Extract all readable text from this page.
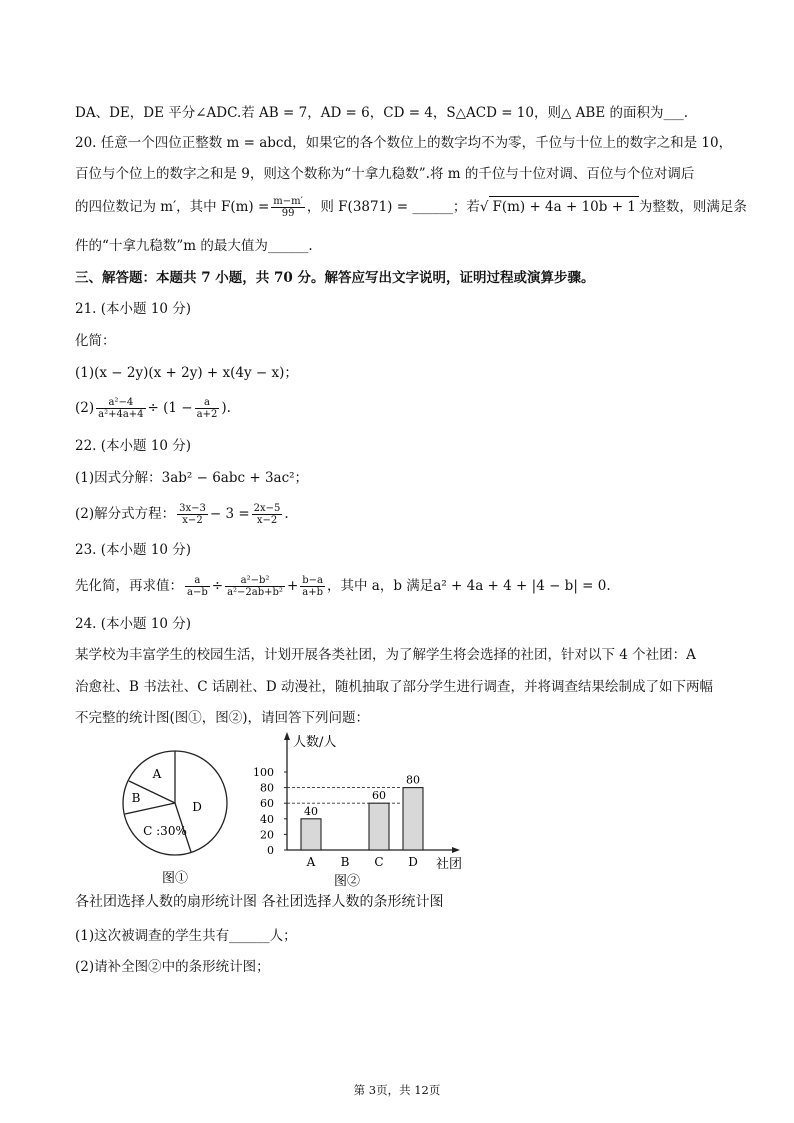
DA、DE，DE 平分∠ADC.若 AB = 7，AD = 6，CD = 4，S△ACD = 10，则△ ABE 的面积为___.
20. 任意一个四位正整数 m = abcd，如果它的各个数位上的数字均不为零，千位与十位上的数字之和是 10，
百位与个位上的数字之和是 9，则这个数称为“十拿九稳数”.将 m 的千位与十位对调、百位与个位对调后
的四位数记为 m′，其中 $F(m) = \frac{m-m'}{99}$ ，则 F(3871) = ______；若√ F(m) + 4a + 10b + 1 为整数，则满足条
件的“十拿九稳数”m 的最大值为______.
三、解答题：本题共 7 小题，共 70 分。解答应写出文字说明，证明过程或演算步骤。
21. (本小题 10 分)
化简：
(1)(x − 2y)(x + 2y) + x(4y − x)；
$(2) \frac{\text{a²−4}}{\text{a²+4a+4}} \div (1 - \frac{a}{a+2}$ ).
22. (本小题 10 分)
(1)因式分解：3ab² − 6abc + 3ac²；
(2)解分式方程： $\frac{3x-3}{x-2} - 3 = \frac{2x-5}{x-2}$ .
23. (本小题 10 分)
先化简，再求值： $\frac{a}{a-b} \div \frac{\text{a²−b²}}{\text{a²−2ab+b²}} + \frac{b-a}{a+b}$ ，其中 a，b 满足a² + 4a + 4 + |4 − b| = 0.
24. (本小题 10 分)
某学校为丰富学生的校园生活，计划开展各类社团，为了解学生将会选择的社团，针对以下 4 个社团：A
治愈社、B 书法社、C 话剧社、D 动漫社，随机抽取了部分学生进行调查，并将调查结果绘制成了如下两幅
不完整的统计图(图①，图②)，请回答下列问题：
A
B
C :30%
D
图①
人数/人
社团
0
20
40
60
80
100
A
40
B C
60
D
80
图②
各社团选择人数的扇形统计图 各社团选择人数的条形统计图
(1)这次被调查的学生共有______人；
(2)请补全图②中的条形统计图；
第 3页，共 12页
